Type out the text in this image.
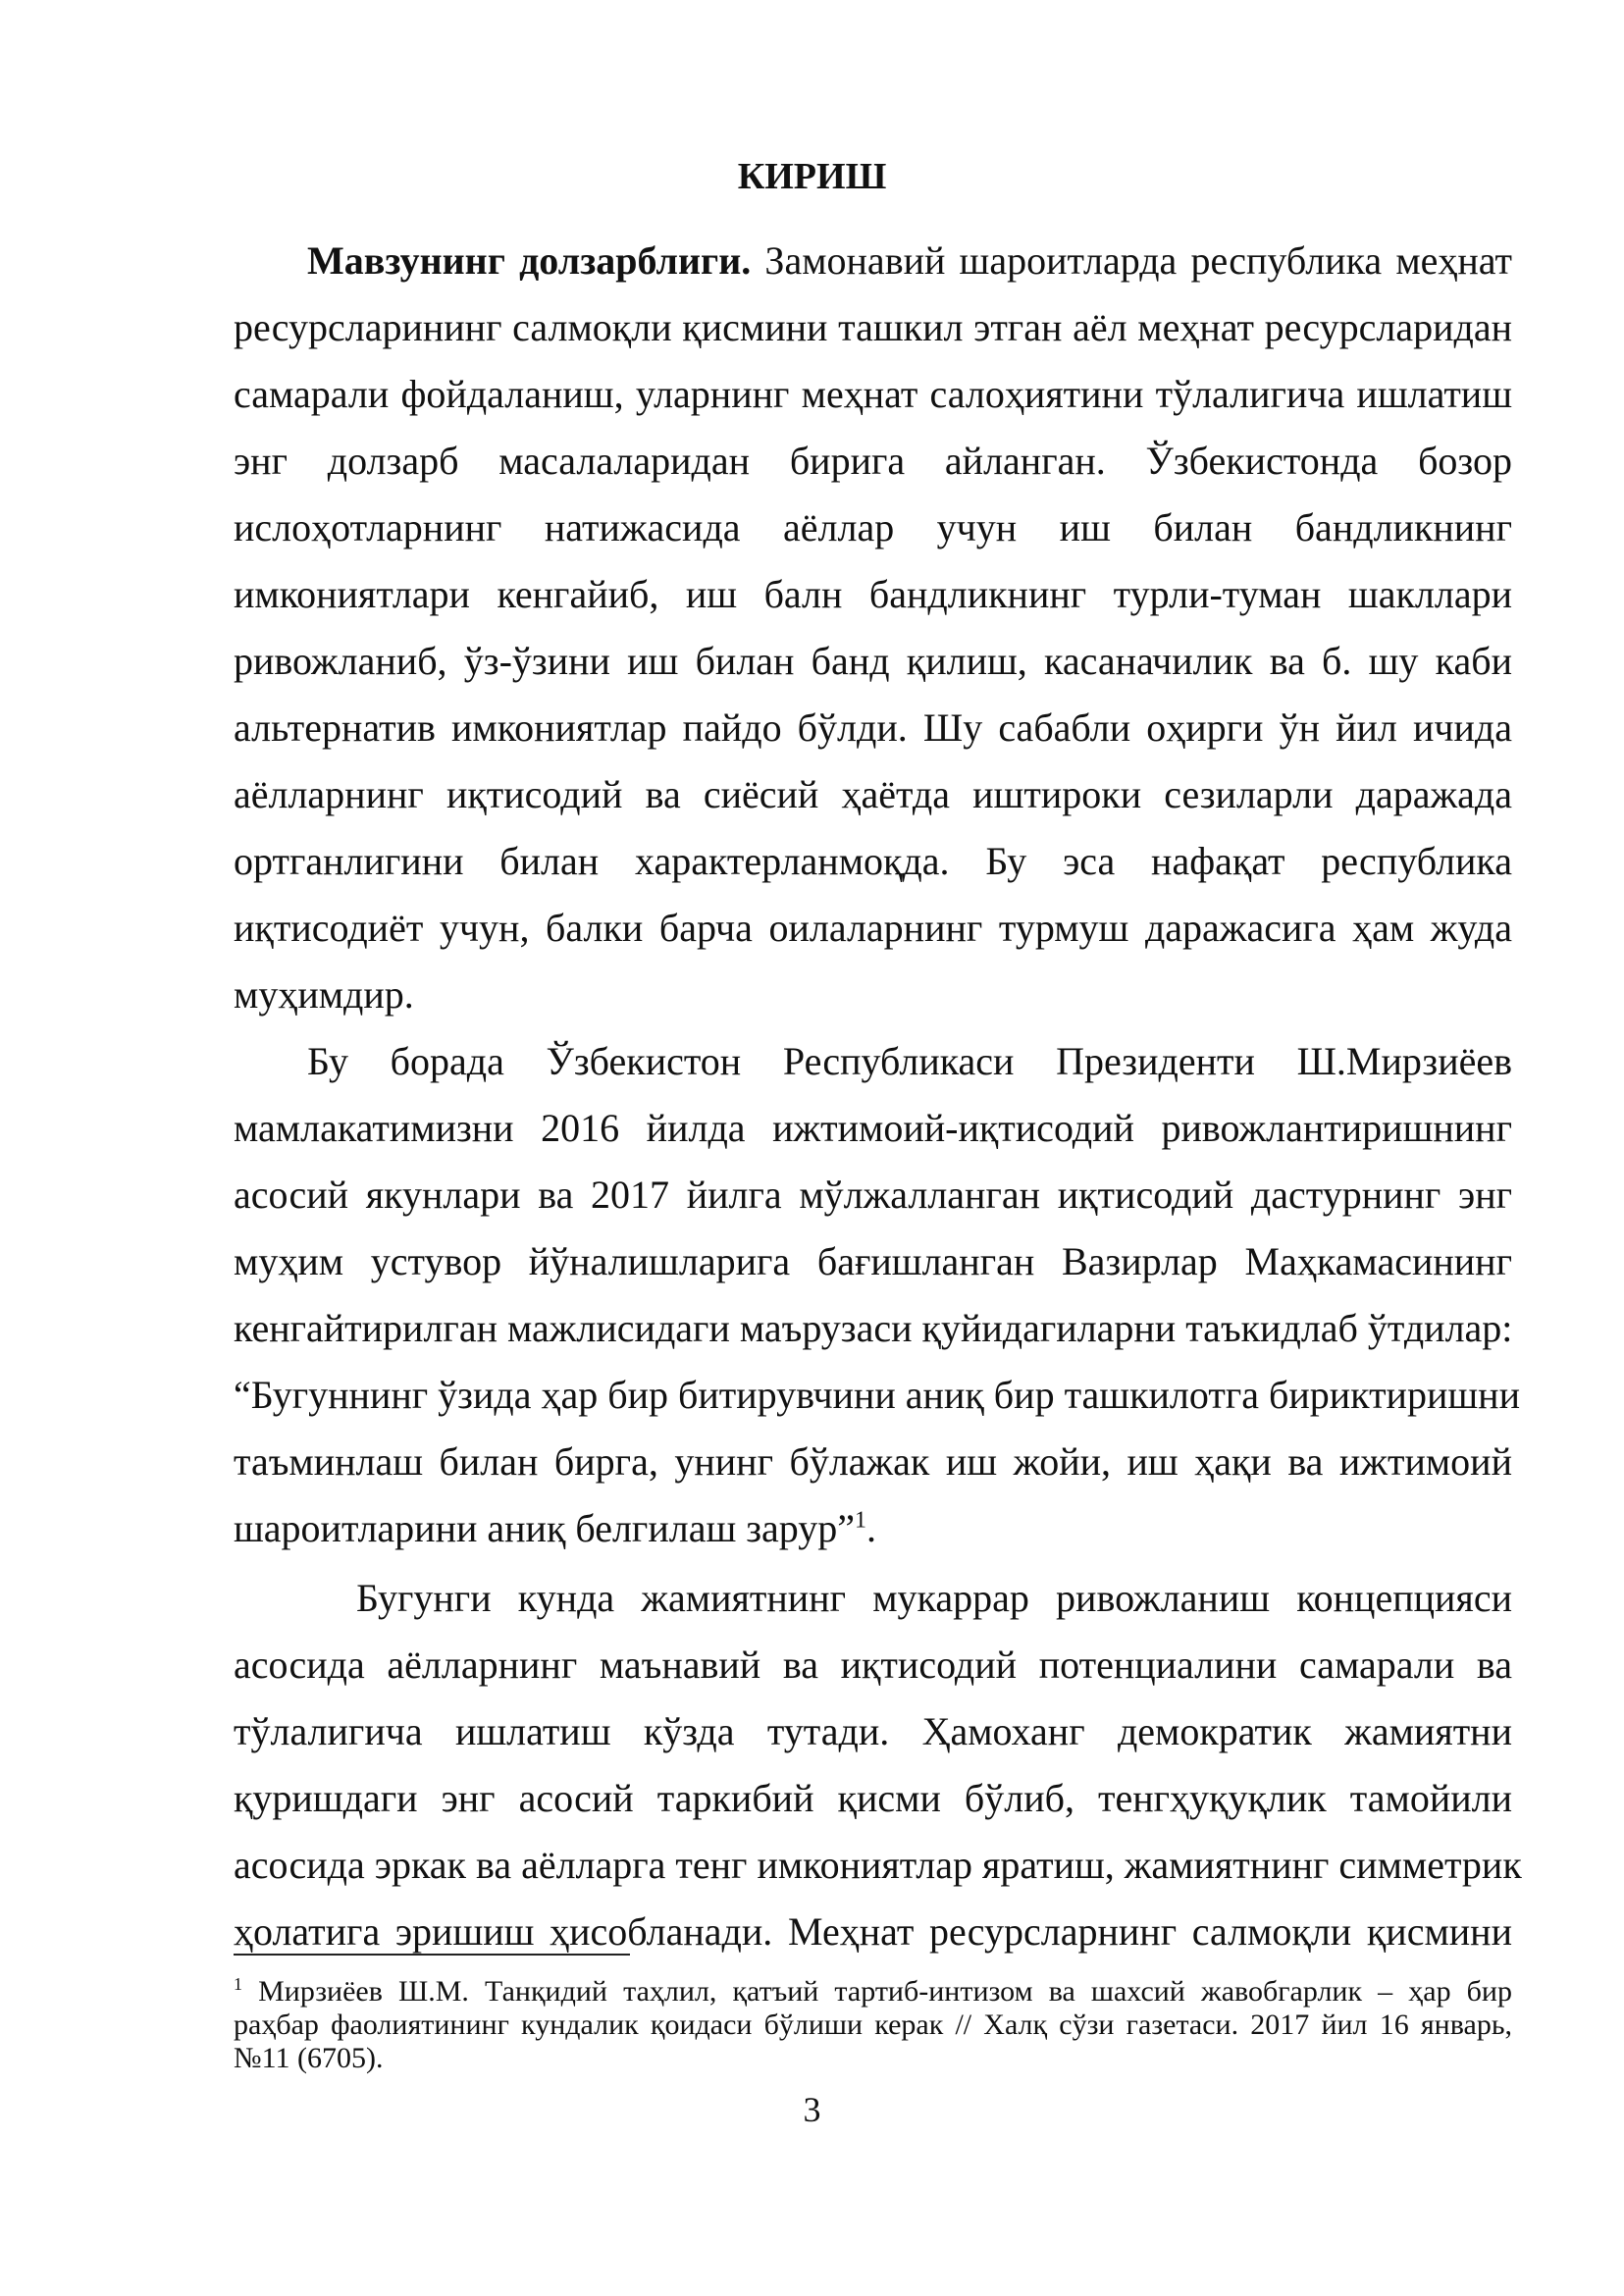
КИРИШ
Мавзунинг долзарблиги. Замонавий шароитларда республика меҳнат
ресурсларининг салмоқли қисмини ташкил этган аёл меҳнат ресурсларидан
самарали фойдаланиш, уларнинг меҳнат салоҳиятини тўлалигича ишлатиш
энг долзарб масалаларидан бирига айланган. Ўзбекистонда бозор
ислоҳотларнинг натижасида аёллар учун иш билан бандликнинг
имкониятлари кенгайиб, иш балн бандликнинг турли-туман шакллари
ривожланиб, ўз-ўзини иш билан банд қилиш, касаначилик ва б. шу каби
альтернатив имкониятлар пайдо бўлди. Шу сабабли оҳирги ўн йил ичида
аёлларнинг иқтисодий ва сиёсий ҳаётда иштироки сезиларли даражада
ортганлигини билан характерланмоқда. Бу эса нафақат республика
иқтисодиёт учун, балки барча оилаларнинг турмуш даражасига ҳам жуда
муҳимдир.
Бу борада Ўзбекистон Республикаси Президенти Ш.Мирзиёев
мамлакатимизни 2016 йилда ижтимоий-иқтисодий ривожлантиришнинг
асосий якунлари ва 2017 йилга мўлжалланган иқтисодий дастурнинг энг
муҳим устувор йўналишларига бағишланган Вазирлар Маҳкамасининг
кенгайтирилган мажлисидаги маърузаси қуйидагиларни таъкидлаб ўтдилар:
“Бугуннинг ўзида ҳар бир битирувчини аниқ бир ташкилотга бириктиришни
таъминлаш билан бирга, унинг бўлажак иш жойи, иш ҳақи ва ижтимоий
шароитларини аниқ белгилаш зарур”$^1$.
Бугунги кунда жамиятнинг мукаррар ривожланиш концепцияси
асосида аёлларнинг маънавий ва иқтисодий потенциалини самарали ва
тўлалигича ишлатиш кўзда тутади. Ҳамоханг демократик жамиятни
қуришдаги энг асосий таркибий қисми бўлиб, тенгҳуқуқлик тамойили
асосида эркак ва аёлларга тенг имкониятлар яратиш, жамиятнинг симметрик
ҳолатига эришиш ҳисобланади. Меҳнат ресурсларнинг салмоқли қисмини
$^1$ Мирзиёев Ш.М. Танқидий таҳлил, қатъий тартиб-интизом ва шахсий жавобгарлик – ҳар бир
раҳбар фаолиятининг кундалик қоидаси бўлиши керак // Халқ сўзи газетаси. 2017 йил 16 январь,
№11 (6705).
3
